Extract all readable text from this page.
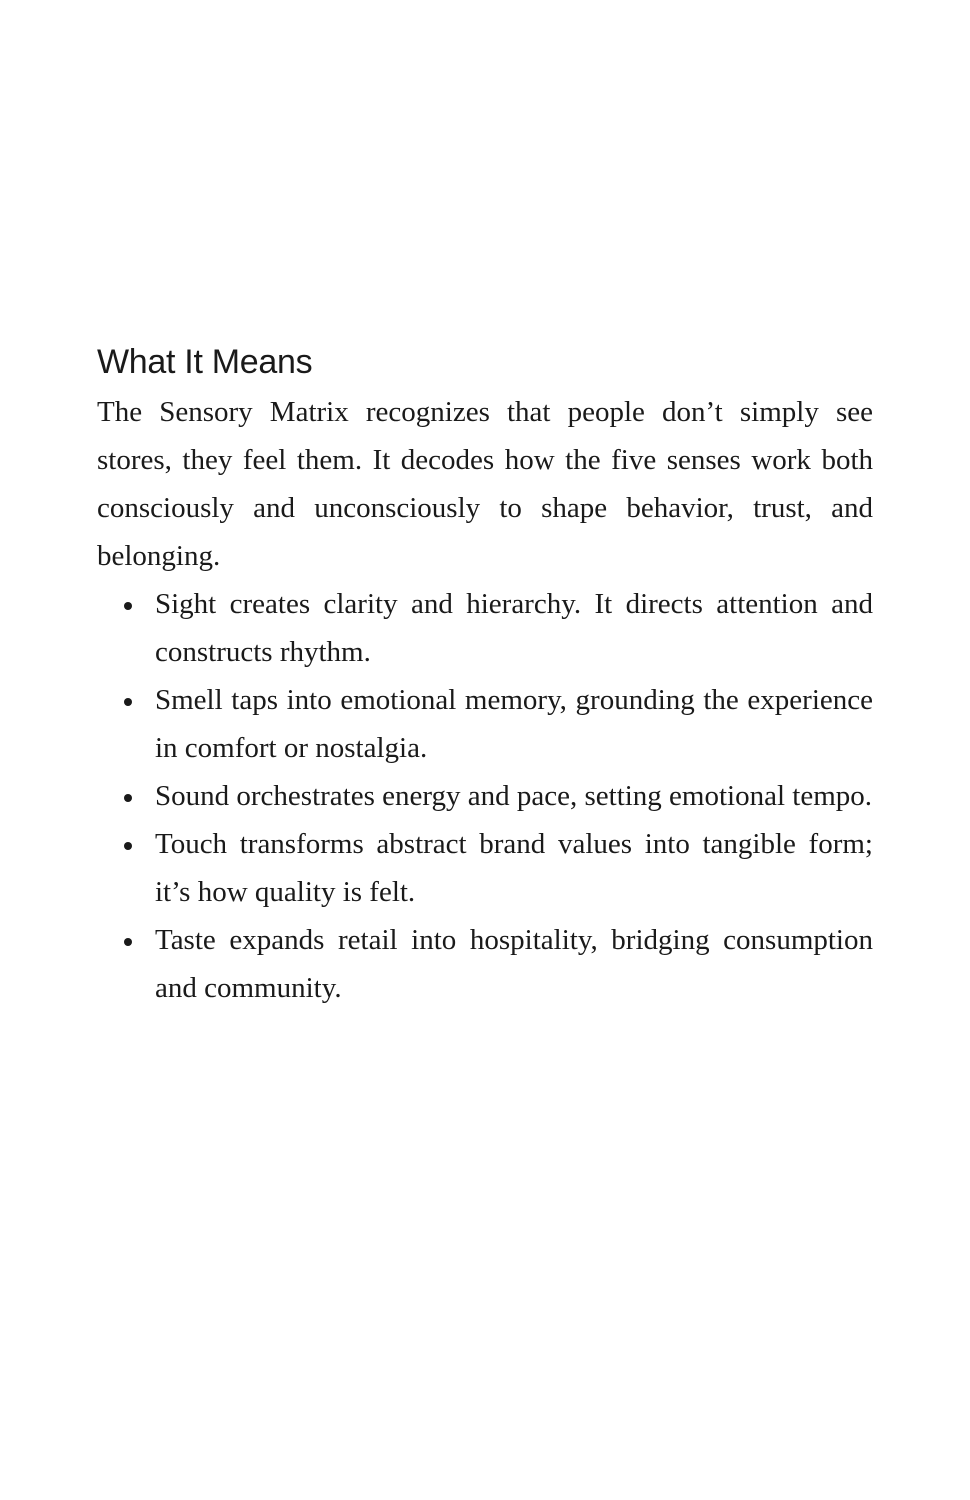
What It Means

The Sensory Matrix recognizes that people don’t simply see stores, they feel them. It decodes how the five senses work both consciously and unconsciously to shape behavior, trust, and belonging.

Sight creates clarity and hierarchy. It directs attention and constructs rhythm.
Smell taps into emotional memory, grounding the experience in comfort or nostalgia.
Sound orchestrates energy and pace, setting emotional tempo.
Touch transforms abstract brand values into tangible form; it’s how quality is felt.
Taste expands retail into hospitality, bridging consumption and community.
